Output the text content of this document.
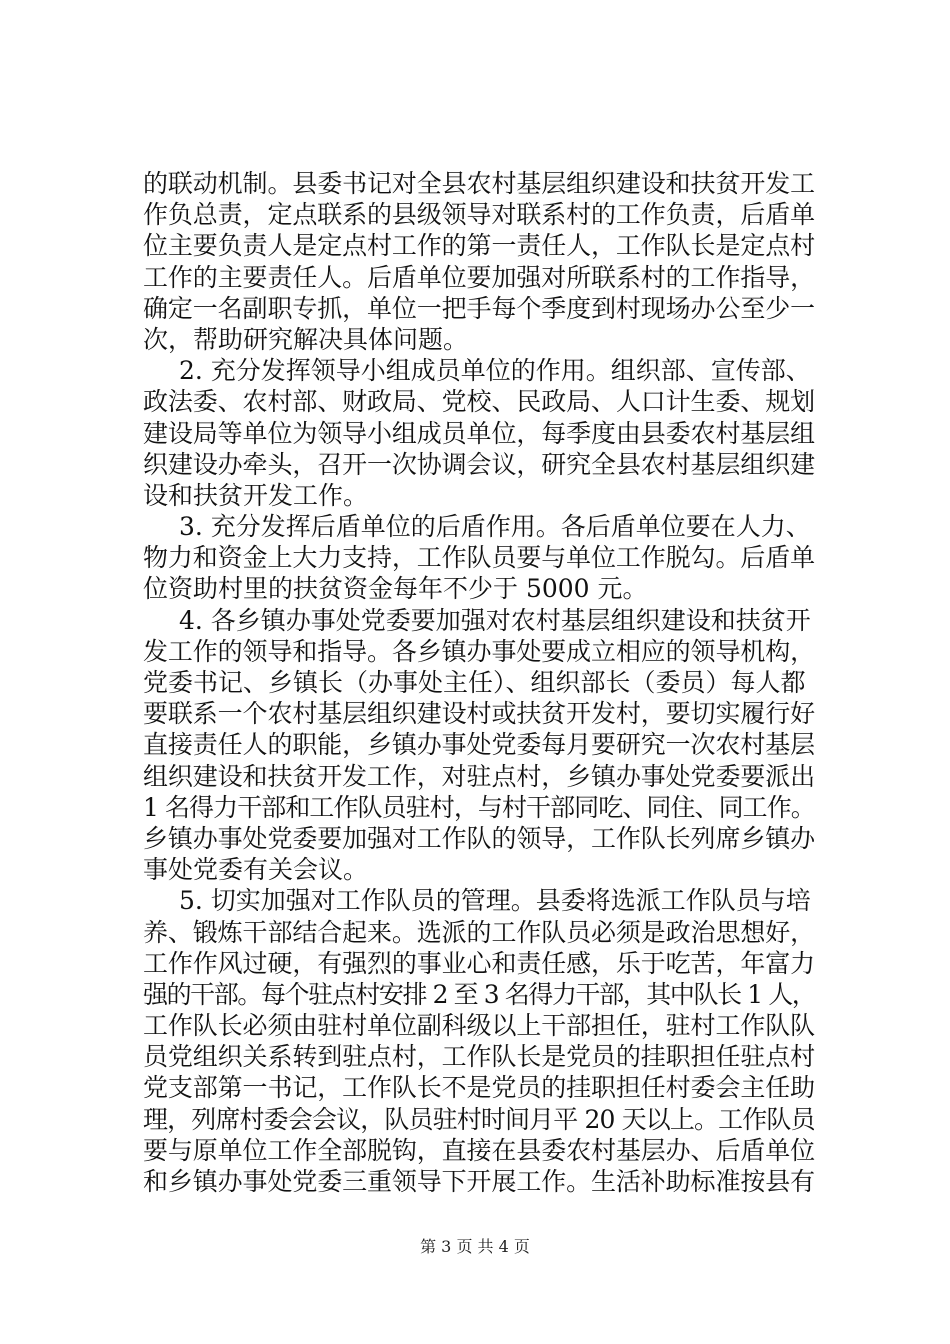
的联动机制。县委书记对全县农村基层组织建设和扶贫开发工
作负总责，定点联系的县级领导对联系村的工作负责，后盾单
位主要负责人是定点村工作的第一责任人，工作队长是定点村
工作的主要责任人。后盾单位要加强对所联系村的工作指导，
确定一名副职专抓，单位一把手每个季度到村现场办公至少一
次，帮助研究解决具体问题。
2. 充分发挥领导小组成员单位的作用。组织部、宣传部、
政法委、农村部、财政局、党校、民政局、人口计生委、规划
建设局等单位为领导小组成员单位，每季度由县委农村基层组
织建设办牵头，召开一次协调会议，研究全县农村基层组织建
设和扶贫开发工作。
3. 充分发挥后盾单位的后盾作用。各后盾单位要在人力、
物力和资金上大力支持，工作队员要与单位工作脱勾。后盾单
位资助村里的扶贫资金每年不少于 5000 元。
4. 各乡镇办事处党委要加强对农村基层组织建设和扶贫开
发工作的领导和指导。各乡镇办事处要成立相应的领导机构，
党委书记、乡镇长（办事处主任）、组织部长（委员）每人都
要联系一个农村基层组织建设村或扶贫开发村，要切实履行好
直接责任人的职能，乡镇办事处党委每月要研究一次农村基层
组织建设和扶贫开发工作，对驻点村，乡镇办事处党委要派出
1 名得力干部和工作队员驻村，与村干部同吃、同住、同工作。
乡镇办事处党委要加强对工作队的领导，工作队长列席乡镇办
事处党委有关会议。
5. 切实加强对工作队员的管理。县委将选派工作队员与培
养、锻炼干部结合起来。选派的工作队员必须是政治思想好，
工作作风过硬，有强烈的事业心和责任感，乐于吃苦，年富力
强的干部。每个驻点村安排 2 至 3 名得力干部，其中队长 1 人，
工作队长必须由驻村单位副科级以上干部担任，驻村工作队队
员党组织关系转到驻点村，工作队长是党员的挂职担任驻点村
党支部第一书记，工作队长不是党员的挂职担任村委会主任助
理，列席村委会会议，队员驻村时间月平 20 天以上。工作队员
要与原单位工作全部脱钩，直接在县委农村基层办、后盾单位
和乡镇办事处党委三重领导下开展工作。生活补助标准按县有
第 3 页 共 4 页
